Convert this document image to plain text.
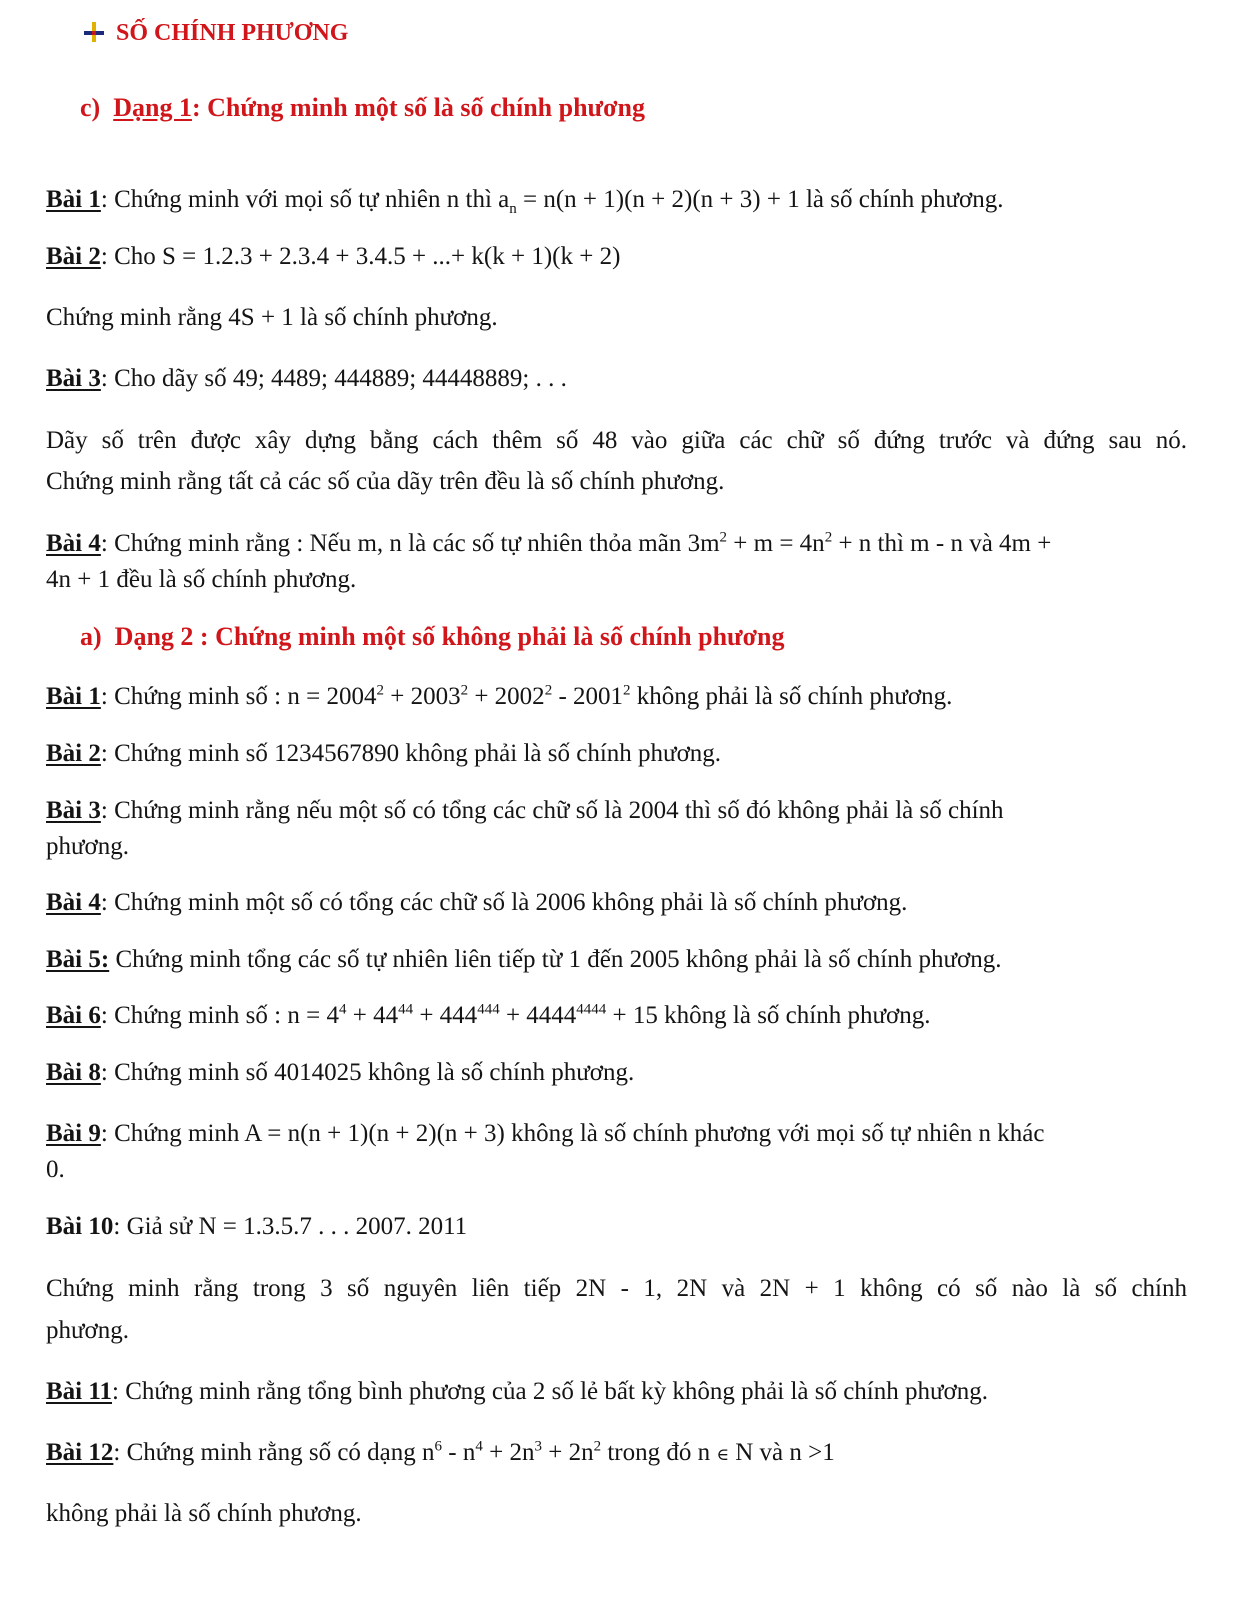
SỐ CHÍNH PHƯƠNG
c) Dạng 1: Chứng minh một số là số chính phương
Bài 1: Chứng minh với mọi số tự nhiên n thì $a_n = n(n + 1)(n + 2)(n + 3) + 1$ là số chính phương.
Bài 2: Cho S = 1.2.3 + 2.3.4 + 3.4.5 + ...+ k(k + 1)(k + 2)
Chứng minh rằng 4S + 1 là số chính phương.
Bài 3: Cho dãy số 49; 4489; 444889; 44448889; . . .
Dãy số trên được xây dựng bằng cách thêm số 48 vào giữa các chữ số đứng trước và đứng sau nó.
Chứng minh rằng tất cả các số của dãy trên đều là số chính phương.
Bài 4: Chứng minh rằng : Nếu m, n là các số tự nhiên thỏa mãn $3m^2 + m = 4n^2 + n$ thì m - n và 4m +
4n + 1 đều là số chính phương.
a) Dạng 2 : Chứng minh một số không phải là số chính phương
Bài 1: Chứng minh số : $n = 2004^2 + 2003^2 + 2002^2 - 2001^2$ không phải là số chính phương.
Bài 2: Chứng minh số 1234567890 không phải là số chính phương.
Bài 3: Chứng minh rằng nếu một số có tổng các chữ số là 2004 thì số đó không phải là số chính
phương.
Bài 4: Chứng minh một số có tổng các chữ số là 2006 không phải là số chính phương.
Bài 5: Chứng minh tổng các số tự nhiên liên tiếp từ 1 đến 2005 không phải là số chính phương.
Bài 6: Chứng minh số : $n = 4^4 + 44^{44} + 444^{444} + 4444^{4444} + 15$ không là số chính phương.
Bài 8: Chứng minh số 4014025 không là số chính phương.
Bài 9: Chứng minh A = n(n + 1)(n + 2)(n + 3) không là số chính phương với mọi số tự nhiên n khác
0.
Bài 10: Giả sử N = 1.3.5.7 . . . 2007. 2011
Chứng minh rằng trong 3 số nguyên liên tiếp 2N - 1, 2N và 2N + 1 không có số nào là số chính
phương.
Bài 11: Chứng minh rằng tổng bình phương của 2 số lẻ bất kỳ không phải là số chính phương.
Bài 12: Chứng minh rằng số có dạng $n^6 - n^4 + 2n^3 + 2n^2$ trong đó n ∈ N và n >1
không phải là số chính phương.
